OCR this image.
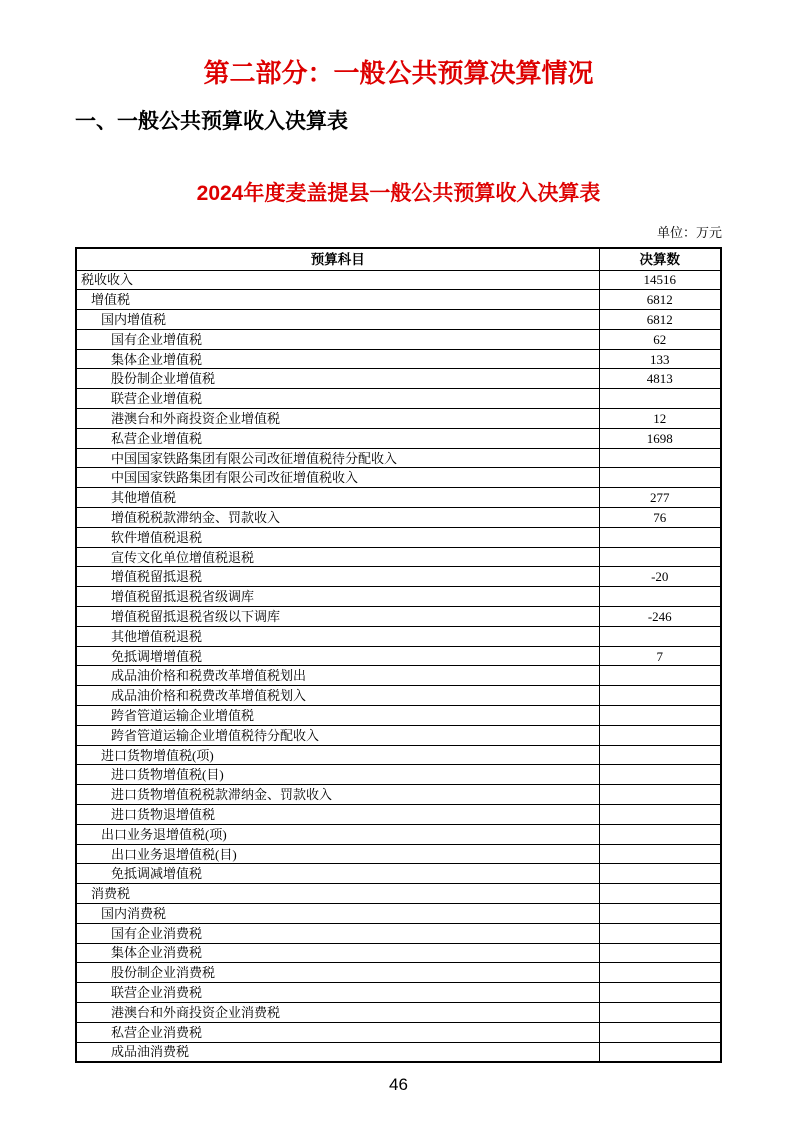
第二部分：一般公共预算决算情况
一、一般公共预算收入决算表
2024年度麦盖提县一般公共预算收入决算表
单位：万元
预算科目	决算数
税收收入	14516
增值税	6812
国内增值税	6812
国有企业增值税	62
集体企业增值税	133
股份制企业增值税	4813
联营企业增值税	
港澳台和外商投资企业增值税	12
私营企业增值税	1698
中国国家铁路集团有限公司改征增值税待分配收入	
中国国家铁路集团有限公司改征增值税收入	
其他增值税	277
增值税税款滞纳金、罚款收入	76
软件增值税退税	
宣传文化单位增值税退税	
增值税留抵退税	-20
增值税留抵退税省级调库	
增值税留抵退税省级以下调库	-246
其他增值税退税	
免抵调增增值税	7
成品油价格和税费改革增值税划出	
成品油价格和税费改革增值税划入	
跨省管道运输企业增值税	
跨省管道运输企业增值税待分配收入	
进口货物增值税(项)	
进口货物增值税(目)	
进口货物增值税税款滞纳金、罚款收入	
进口货物退增值税	
出口业务退增值税(项)	
出口业务退增值税(目)	
免抵调减增值税	
消费税	
国内消费税	
国有企业消费税	
集体企业消费税	
股份制企业消费税	
联营企业消费税	
港澳台和外商投资企业消费税	
私营企业消费税	
成品油消费税	
46
